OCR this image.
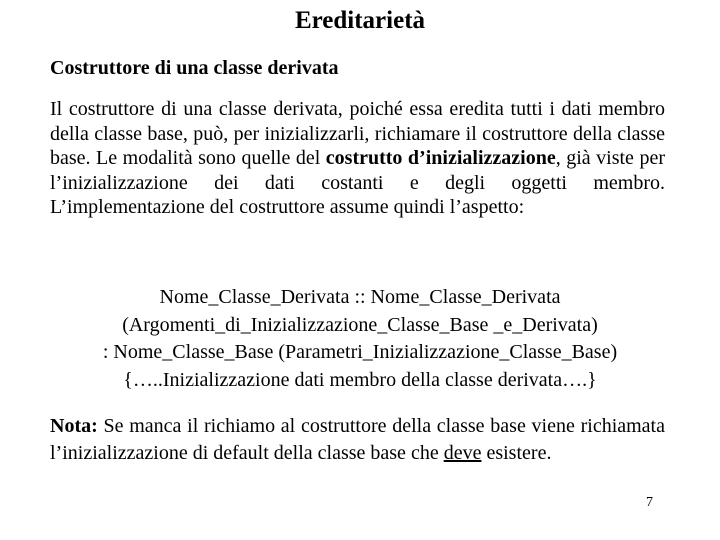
Ereditarietà
Costruttore di una classe derivata
Il costruttore di una classe derivata, poiché essa eredita tutti i dati membro della classe base, può, per inizializzarli, richiamare il costruttore della classe base. Le modalità sono quelle del costrutto d’inizializzazione, già viste per l’inizializzazione dei dati costanti e degli oggetti membro. L’implementazione del costruttore assume quindi l’aspetto:
Nome_Classe_Derivata :: Nome_Classe_Derivata
(Argomenti_di_Inizializzazione_Classe_Base _e_Derivata)
: Nome_Classe_Base (Parametri_Inizializzazione_Classe_Base)
{…..Inizializzazione dati membro della classe derivata….}
Nota: Se manca il richiamo al costruttore della classe base viene richiamata l’inizializzazione di default della classe base che deve esistere.
7
